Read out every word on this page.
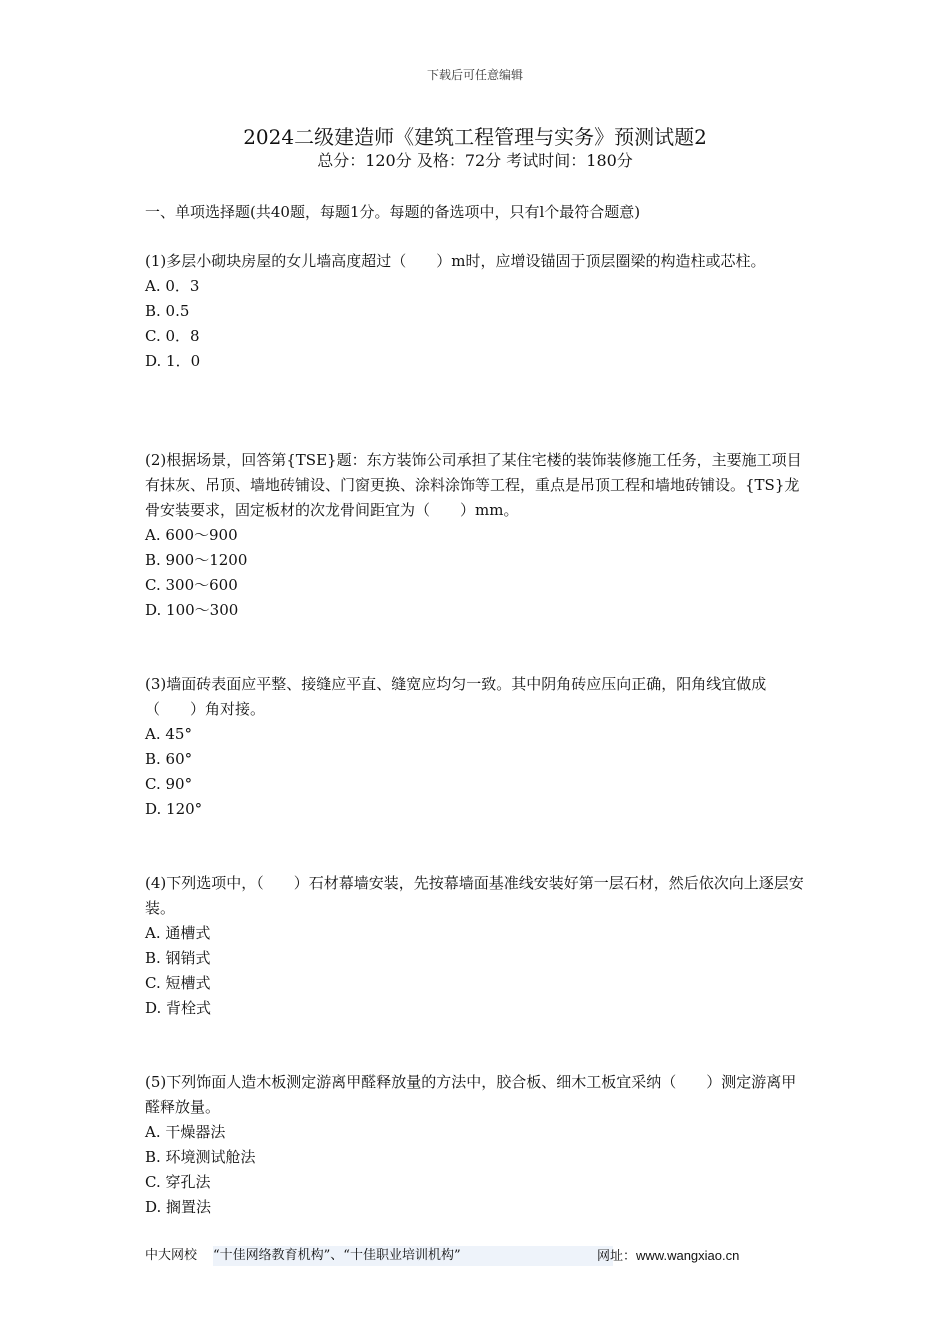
下载后可任意编辑
2024二级建造师《建筑工程管理与实务》预测试题2
总分：120分 及格：72分 考试时间：180分
一、单项选择题(共40题，每题1分。每题的备选项中，只有l个最符合题意)

(1)多层小砌块房屋的女儿墙高度超过（　　）m时，应增设锚固于顶层圈梁的构造柱或芯柱。

A. 0．3

B. 0.5

C. 0．8

D. 1．0

(2)根据场景，回答第{TSE}题：东方装饰公司承担了某住宅楼的装饰装修施工任务，主要施工项目有抹灰、吊顶、墙地砖铺设、门窗更换、涂料涂饰等工程，重点是吊顶工程和墙地砖铺设。{TS}龙骨安装要求，固定板材的次龙骨间距宜为（　　）mm。

A. 600～900

B. 900～1200

C. 300～600

D. 100～300

(3)墙面砖表面应平整、接缝应平直、缝宽应均匀一致。其中阴角砖应压向正确，阳角线宜做成（　　）角对接。

A. 45°

B. 60°

C. 90°

D. 120°

(4)下列选项中，（　　）石材幕墙安装，先按幕墙面基准线安装好第一层石材，然后依次向上逐层安装。

A. 通槽式

B. 钢销式

C. 短槽式

D. 背栓式

(5)下列饰面人造木板测定游离甲醛释放量的方法中，胶合板、细木工板宜采纳（　　）测定游离甲醛释放量。

A. 干燥器法

B. 环境测试舱法

C. 穿孔法

D. 搁置法

中大网校 “十佳网络教育机构”、“十佳职业培训机构”	网址：www.wangxiao.cn
